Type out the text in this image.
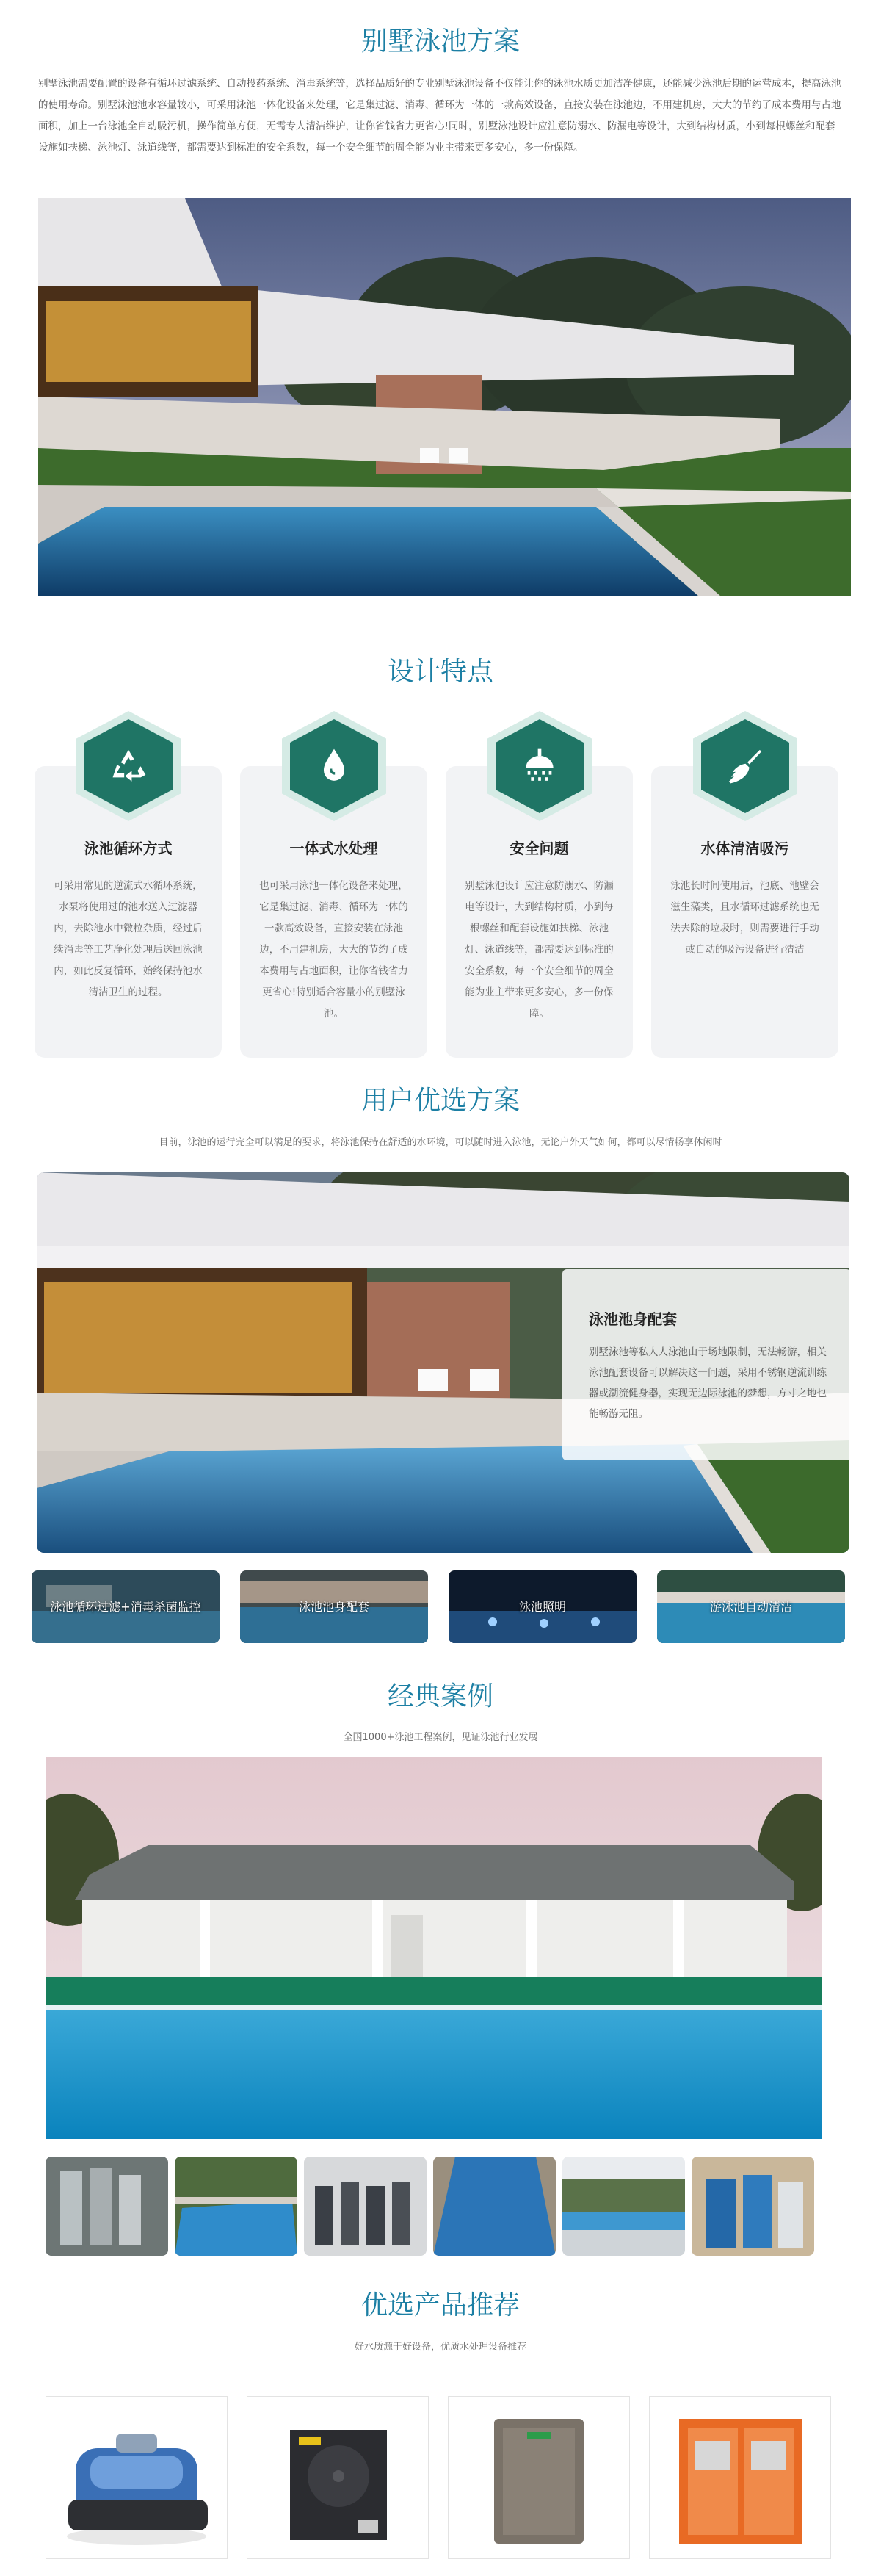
别墅泳池方案

别墅泳池需要配置的设备有循环过滤系统、自动投药系统、消毒系统等，选择品质好的专业别墅泳池设备不仅能让你的泳池水质更加洁净健康，还能减少泳池后期的运营成本，提高泳池的使用寿命。别墅泳池池水容量较小，可采用泳池一体化设备来处理，它是集过滤、消毒、循环为一体的一款高效设备，直接安装在泳池边，不用建机房，大大的节约了成本费用与占地面积，加上一台泳池全自动吸污机，操作简单方便，无需专人清洁维护，让你省钱省力更省心!同时，别墅泳池设计应注意防溺水、防漏电等设计，大到结构材质，小到每根螺丝和配套设施如扶梯、泳池灯、泳道线等，都需要达到标准的安全系数，每一个安全细节的周全能为业主带来更多安心，多一份保障。

设计特点
泳池循环方式

可采用常见的逆流式水循环系统，水泵将使用过的池水送入过滤器内，去除池水中微粒杂质，经过后续消毒等工艺净化处理后送回泳池内，如此反复循环，始终保持池水清洁卫生的过程。

一体式水处理

也可采用泳池一体化设备来处理，它是集过滤、消毒、循环为一体的一款高效设备，直接安装在泳池边，不用建机房，大大的节约了成本费用与占地面积，让你省钱省力更省心!特别适合容量小的别墅泳池。

安全问题

别墅泳池设计应注意防溺水、防漏电等设计，大到结构材质，小到每根螺丝和配套设施如扶梯、泳池灯、泳道线等，都需要达到标准的安全系数，每一个安全细节的周全能为业主带来更多安心，多一份保障。

水体清洁吸污

泳池长时间使用后，池底、池壁会滋生藻类，且水循环过滤系统也无法去除的垃圾时，则需要进行手动或自动的吸污设备进行清洁

用户优选方案
目前，泳池的运行完全可以满足的要求，将泳池保持在舒适的水环境，可以随时进入泳池，无论户外天气如何，都可以尽情畅享休闲时
泳池池身配套

别墅泳池等私人人泳池由于场地限制，无法畅游，相关泳池配套设备可以解决这一问题，采用不锈钢逆流训练器或潮流健身器，实现无边际泳池的梦想，方寸之地也能畅游无阻。

泳池循环过滤+消毒杀菌监控	泳池池身配套	泳池照明	游泳池自动清洁
经典案例
全国1000+泳池工程案例，见证泳池行业发展
优选产品推荐
好水质源于好设备，优质水处理设备推荐
